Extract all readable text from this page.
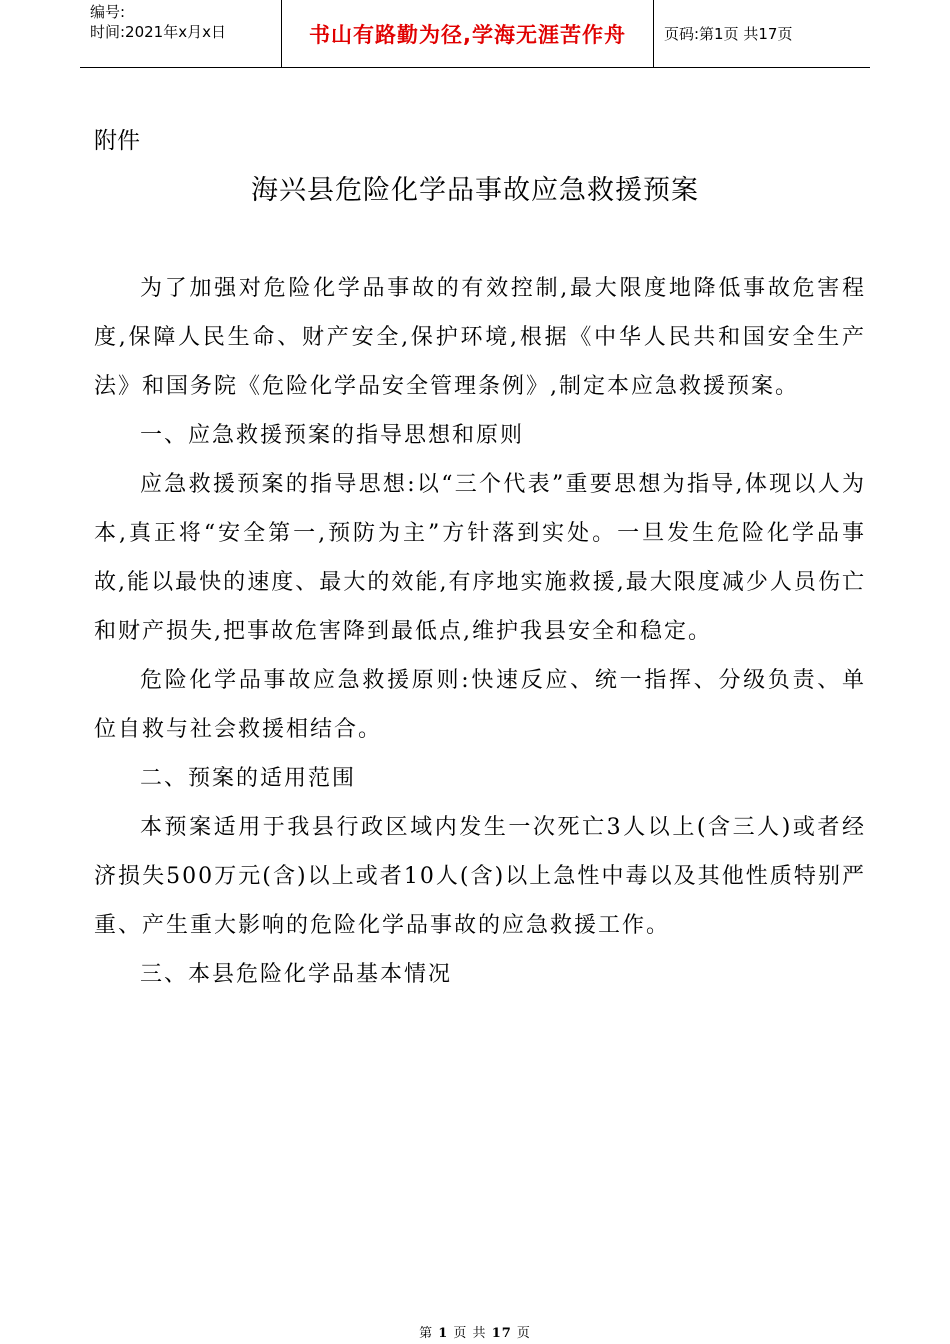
编号:
时间:2021年x月x日	书山有路勤为径,学海无涯苦作舟	页码:第1页 共17页
附件
海兴县危险化学品事故应急救援预案

为了加强对危险化学品事故的有效控制,最大限度地降低事故危害程度,保障人民生命、财产安全,保护环境,根据《中华人民共和国安全生产法》和国务院《危险化学品安全管理条例》,制定本应急救援预案。

一、应急救援预案的指导思想和原则

应急救援预案的指导思想:以“三个代表”重要思想为指导,体现以人为本,真正将“安全第一,预防为主”方针落到实处。一旦发生危险化学品事故,能以最快的速度、最大的效能,有序地实施救援,最大限度减少人员伤亡和财产损失,把事故危害降到最低点,维护我县安全和稳定。

危险化学品事故应急救援原则:快速反应、统一指挥、分级负责、单位自救与社会救援相结合。

二、预案的适用范围

本预案适用于我县行政区域内发生一次死亡3人以上(含三人)或者经济损失500万元(含)以上或者10人(含)以上急性中毒以及其他性质特别严重、产生重大影响的危险化学品事故的应急救援工作。

三、本县危险化学品基本情况

第 1 页 共 17 页
